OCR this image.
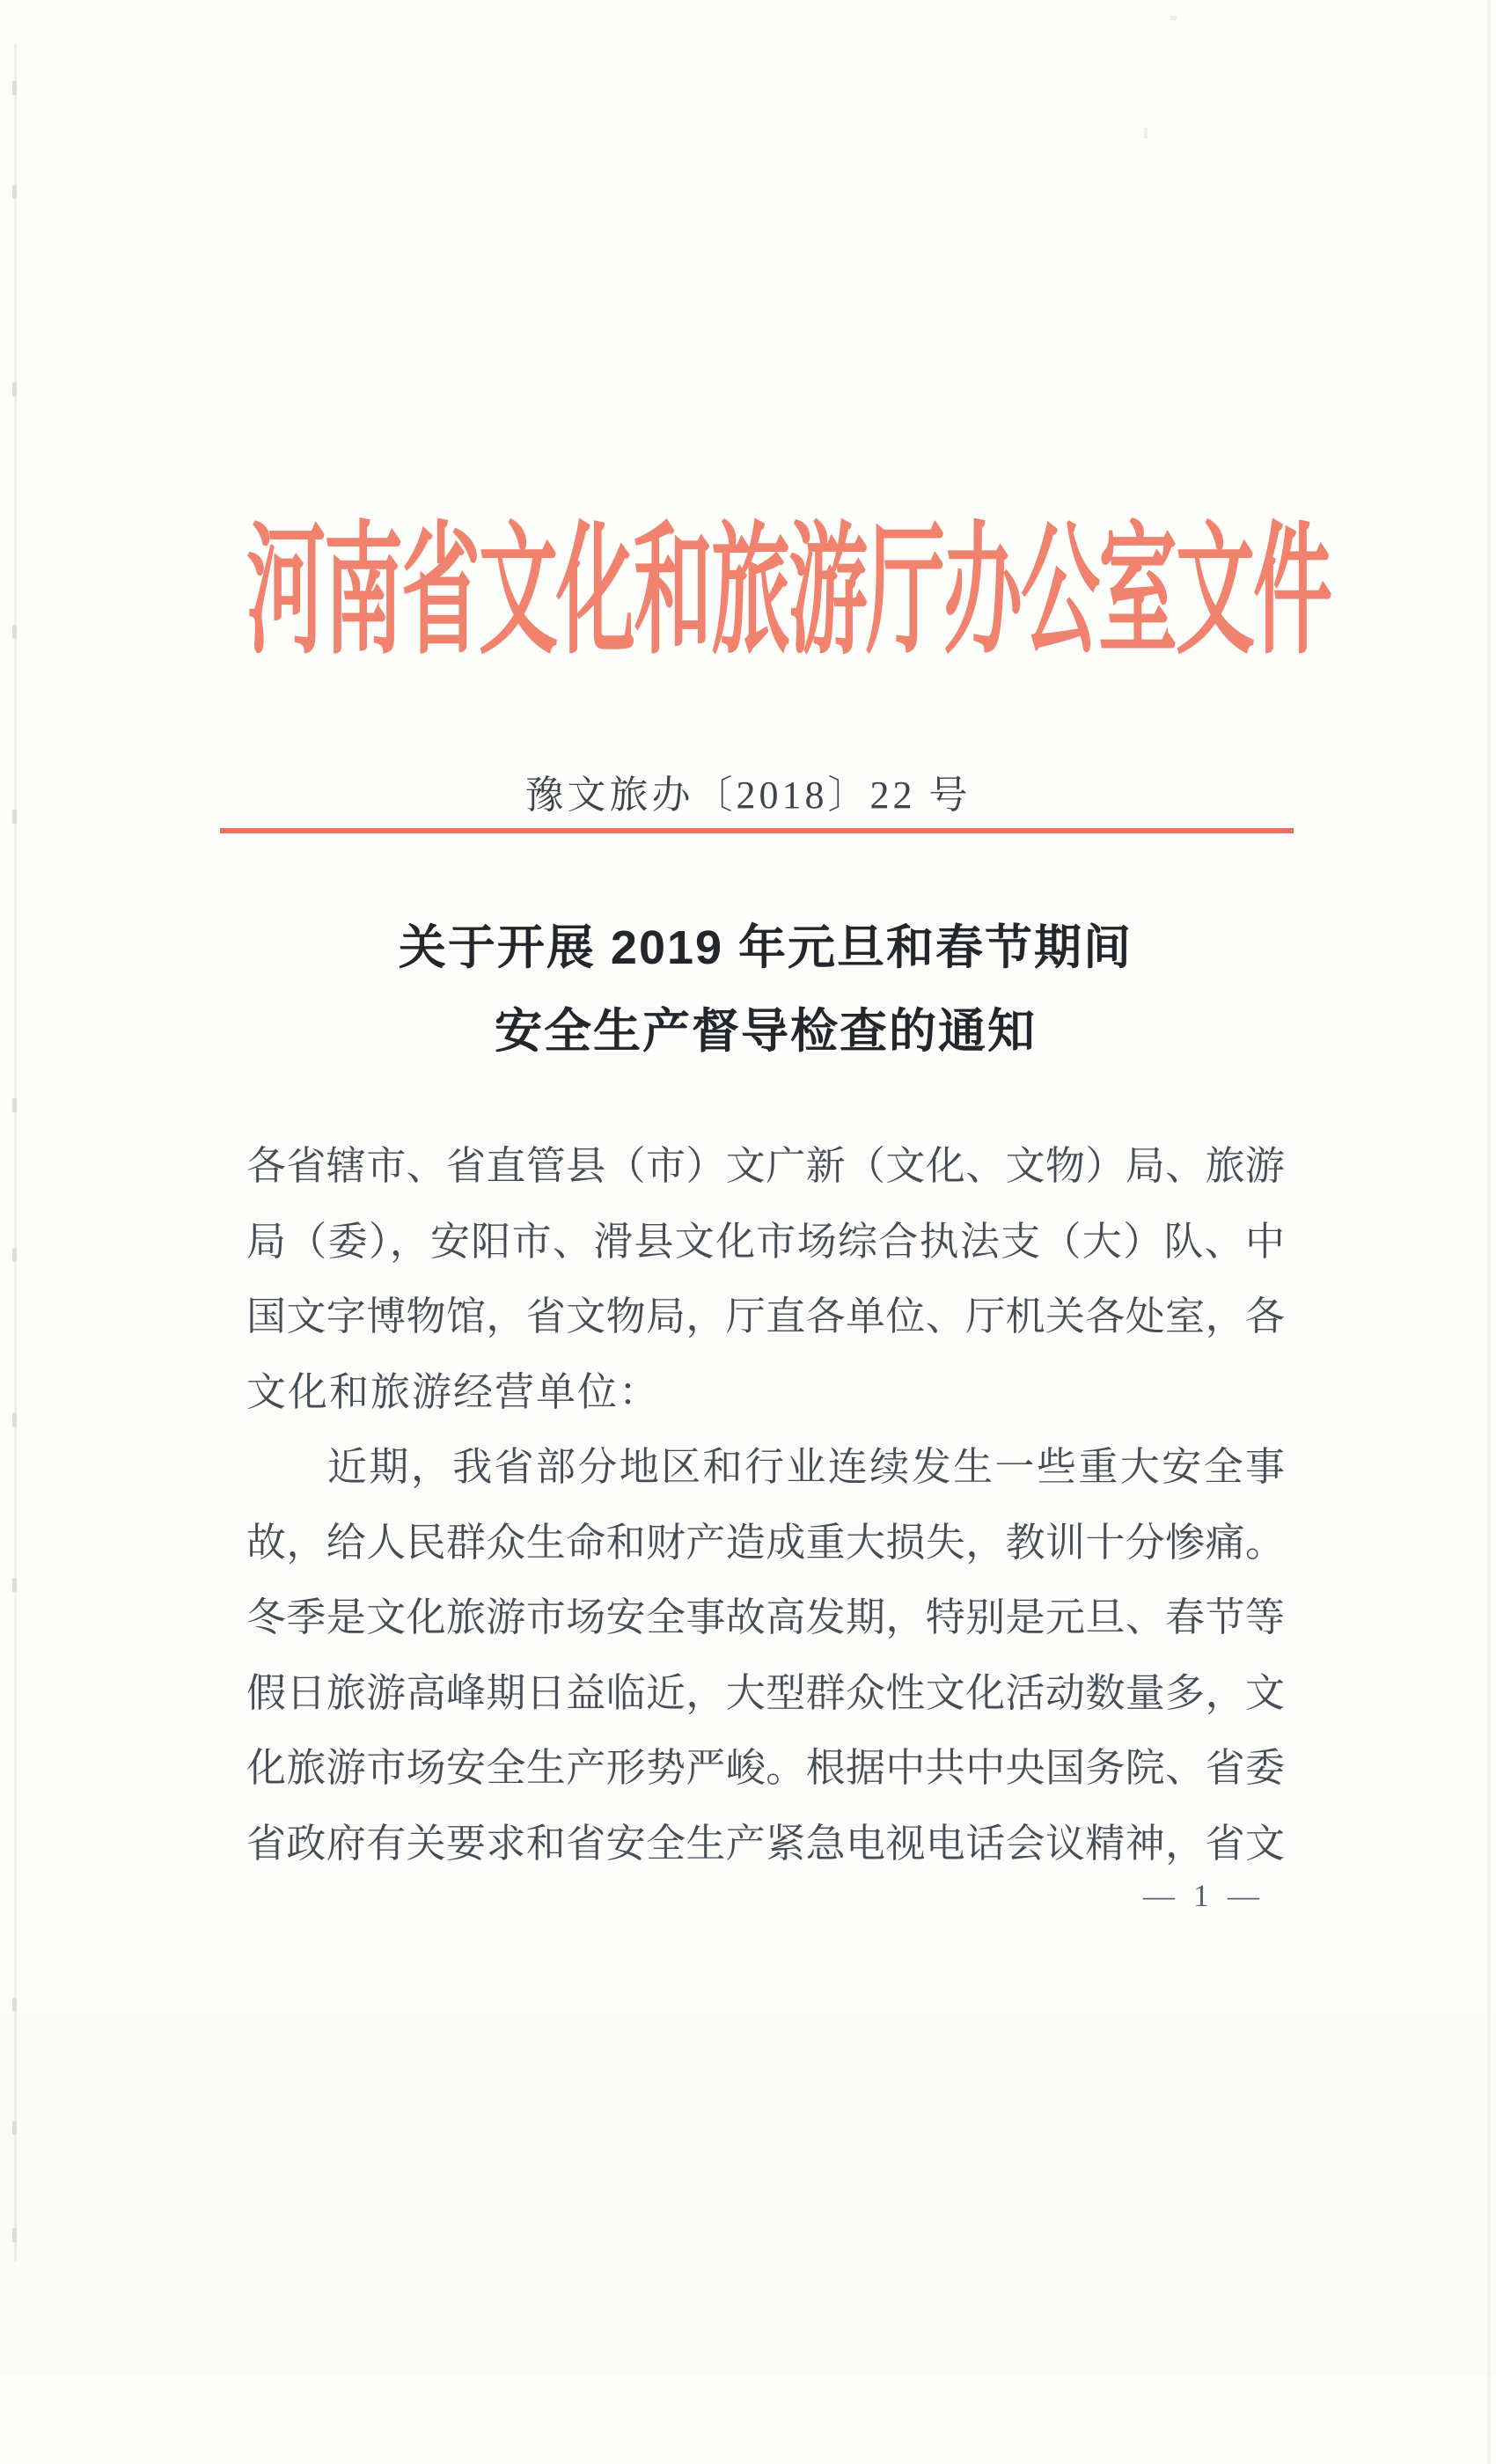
河南省文化和旅游厅办公室文件
豫文旅办〔2018〕22 号
关于开展 2019 年元旦和春节期间
安全生产督导检查的通知
各省辖市、省直管县（市）文广新（文化、文物）局、旅游
局（委），安阳市、滑县文化市场综合执法支（大）队、中
国文字博物馆，省文物局，厅直各单位、厅机关各处室，各
文化和旅游经营单位：
近期，我省部分地区和行业连续发生一些重大安全事
故，给人民群众生命和财产造成重大损失，教训十分惨痛。
冬季是文化旅游市场安全事故高发期，特别是元旦、春节等
假日旅游高峰期日益临近，大型群众性文化活动数量多，文
化旅游市场安全生产形势严峻。根据中共中央国务院、省委
省政府有关要求和省安全生产紧急电视电话会议精神，省文
— 1 —
